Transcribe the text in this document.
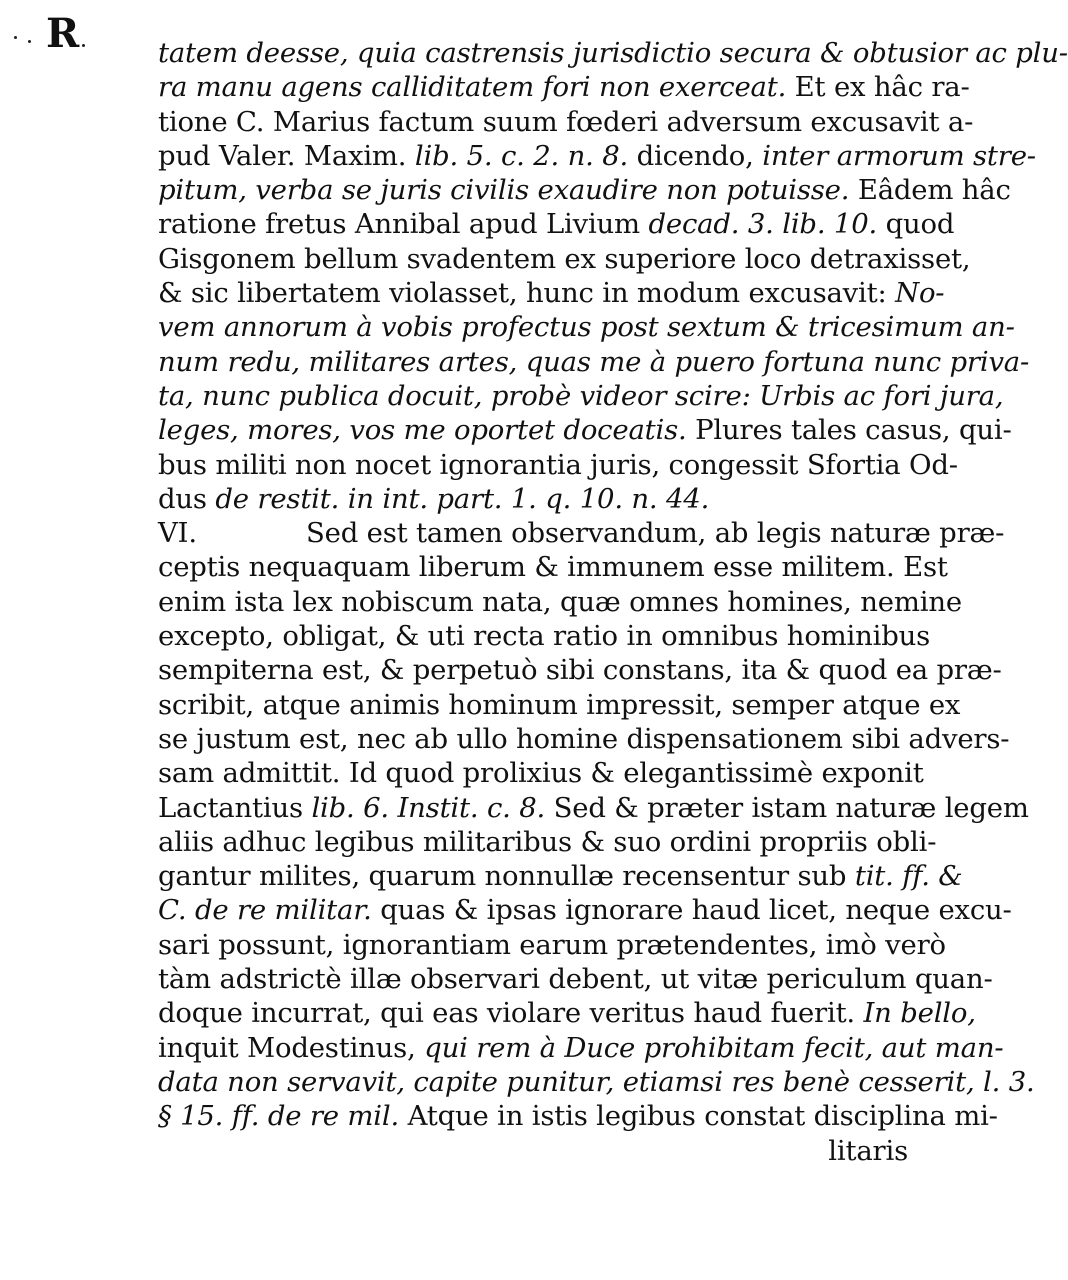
R	tatem deesse, quia castrensis jurisdictio secura & obtusior ac plu-
ra manu agens calliditatem fori non exerceat. Et ex hâc ra-
tione C. Marius factum suum fœderi adversum excusavit a-
pud Valer. Maxim. lib. 5. c. 2. n. 8. dicendo, inter armorum stre-
pitum, verba se juris civilis exaudire non potuisse. Eâdem hâc
ratione fretus Annibal apud Livium decad. 3. lib. 10. quod
Gisgonem bellum svadentem ex superiore loco detraxisset,
& sic libertatem violasset, hunc in modum excusavit: No-
vem annorum à vobis profectus post sextum & tricesimum an-
num redu, militares artes, quas me à puero fortuna nunc priva-
ta, nunc publica docuit, probè videor scire: Urbis ac fori jura,
leges, mores, vos me oportet doceatis. Plures tales casus, qui-
bus militi non nocet ignorantia juris, congessit Sfortia Od-
dus de restit. in int. part. 1. q. 10. n. 44.
VI.	Sed est tamen observandum, ab legis naturæ præ-
ceptis nequaquam liberum & immunem esse militem. Est
enim ista lex nobiscum nata, quæ omnes homines, nemine
excepto, obligat, & uti recta ratio in omnibus hominibus
sempiterna est, & perpetuò sibi constans, ita & quod ea præ-
scribit, atque animis hominum impressit, semper atque ex
se justum est, nec ab ullo homine dispensationem sibi advers-
sam admittit. Id quod prolixius & elegantissimè exponit
Lactantius lib. 6. Instit. c. 8. Sed & præter istam naturæ legem
aliis adhuc legibus militaribus & suo ordini propriis obli-
gantur milites, quarum nonnullæ recensentur sub tit. ff. &
C. de re militar. quas & ipsas ignorare haud licet, neque excu-
sari possunt, ignorantiam earum prætendentes, imò verò
tàm adstrictè illæ observari debent, ut vitæ periculum quan-
doque incurrat, qui eas violare veritus haud fuerit. In bello,
inquit Modestinus, qui rem à Duce prohibitam fecit, aut man-
data non servavit, capite punitur, etiamsi res benè cesserit, l. 3.
§ 15. ff. de re mil. Atque in istis legibus constat disciplina mi-
litaris
